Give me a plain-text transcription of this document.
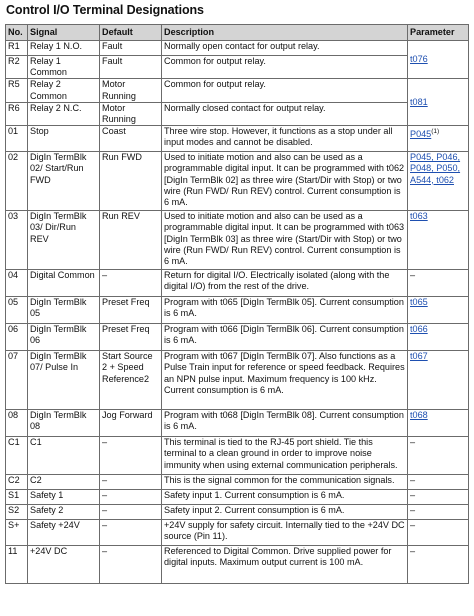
Control I/O Terminal Designations
No.	Signal	Default	Description	Parameter
R1	Relay 1 N.O.	Fault	Normally open contact for output relay.	t076
R2	Relay 1 Common	Fault	Common for output relay.	
R5	Relay 2 Common	Motor Running	Common for output relay.	t081
R6	Relay 2 N.C.	Motor Running	Normally closed contact for output relay.	
01	Stop	Coast	Three wire stop. However, it functions as a stop under all input modes and cannot be disabled.	P045$^{(1)}$
02	DigIn TermBlk 02/ Start/Run FWD	Run FWD	Used to initiate motion and also can be used as a programmable digital input. It can be programmed with t062 [DigIn TermBlk 02] as three wire (Start/Dir with Stop) or two wire (Run FWD/ Run REV) control. Current consumption is 6 mA.	P045, P046, P048, P050, A544, t062
03	DigIn TermBlk 03/ Dir/Run REV	Run REV	Used to initiate motion and also can be used as a programmable digital input. It can be programmed with t063 [DigIn TermBlk 03] as three wire (Start/Dir with Stop) or two wire (Run FWD/ Run REV) control. Current consumption is 6 mA.	t063
04	Digital Common	–	Return for digital I/O. Electrically isolated (along with the digital I/O) from the rest of the drive.	–
05	DigIn TermBlk 05	Preset Freq	Program with t065 [DigIn TermBlk 05]. Current consumption is 6 mA.	t065
06	DigIn TermBlk 06	Preset Freq	Program with t066 [DigIn TermBlk 06]. Current consumption is 6 mA.	t066
07	DigIn TermBlk 07/ Pulse In	Start Source 2 + Speed Reference2	Program with t067 [DigIn TermBlk 07]. Also functions as a Pulse Train input for reference or speed feedback. Requires an NPN pulse input. Maximum frequency is 100 kHz. Current consumption is 6 mA.	t067
08	DigIn TermBlk 08	Jog Forward	Program with t068 [DigIn TermBlk 08]. Current consumption is 6 mA.	t068
C1	C1	–	This terminal is tied to the RJ-45 port shield. Tie this terminal to a clean ground in order to improve noise immunity when using external communication peripherals.	–
C2	C2	–	This is the signal common for the communication signals.	–
S1	Safety 1	–	Safety input 1. Current consumption is 6 mA.	–
S2	Safety 2	–	Safety input 2. Current consumption is 6 mA.	–
S+	Safety +24V	–	+24V supply for safety circuit. Internally tied to the +24V DC source (Pin 11).	–
11	+24V DC	–	Referenced to Digital Common. Drive supplied power for digital inputs. Maximum output current is 100 mA.	–
